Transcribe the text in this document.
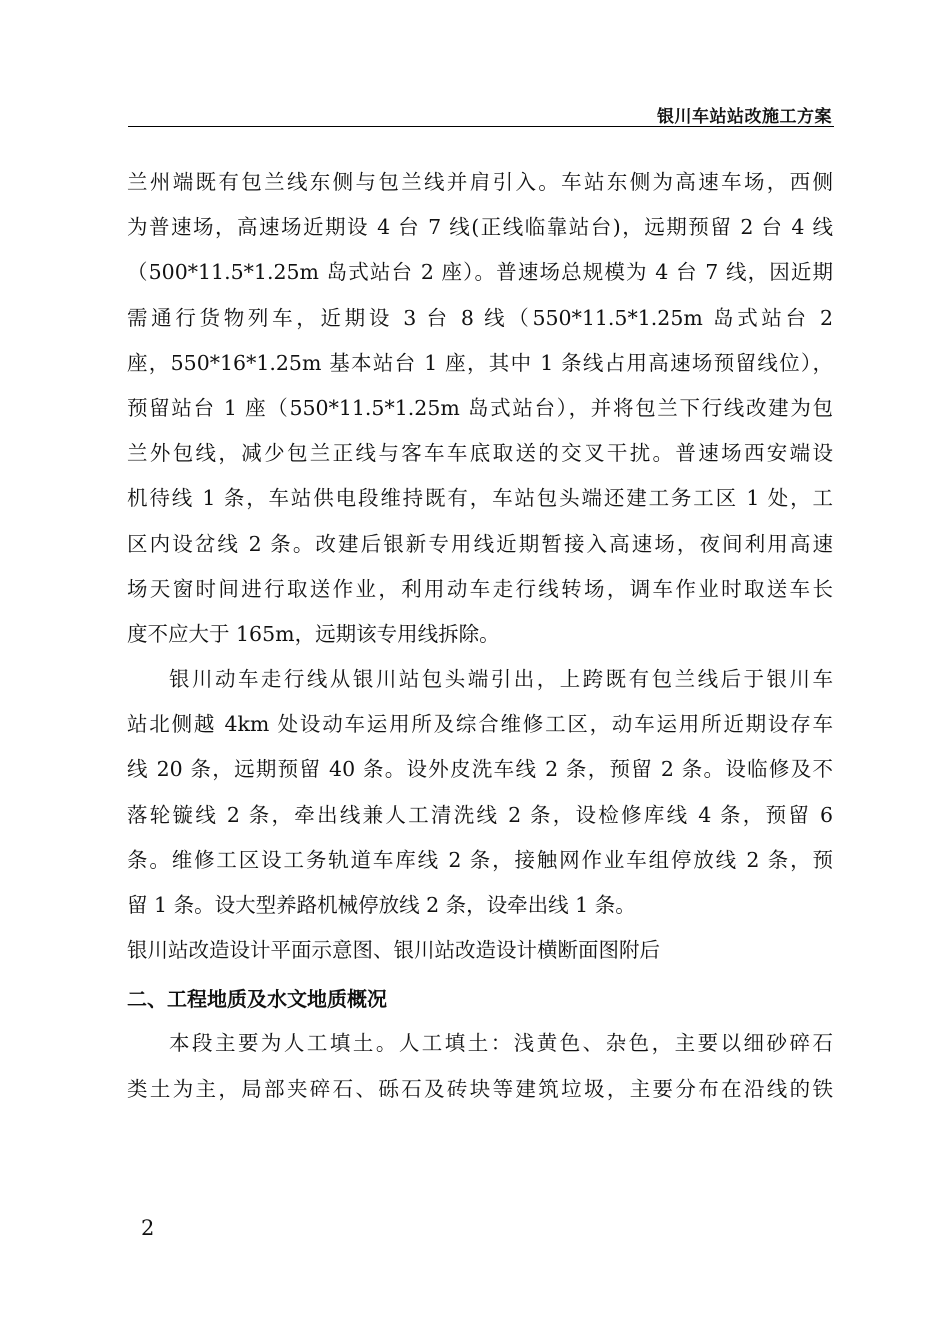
银川车站站改施工方案
兰州端既有包兰线东侧与包兰线并肩引入。车站东侧为高速车场，西侧
为普速场，高速场近期设 4 台 7 线(正线临靠站台)，远期预留 2 台 4 线
（500*11.5*1.25m 岛式站台 2 座）。普速场总规模为 4 台 7 线，因近期
需通行货物列车，近期设 3 台 8 线（550*11.5*1.25m 岛式站台 2
座，550*16*1.25m 基本站台 1 座，其中 1 条线占用高速场预留线位），
预留站台 1 座（550*11.5*1.25m 岛式站台），并将包兰下行线改建为包
兰外包线，减少包兰正线与客车车底取送的交叉干扰。普速场西安端设
机待线 1 条，车站供电段维持既有，车站包头端还建工务工区 1 处，工
区内设岔线 2 条。改建后银新专用线近期暂接入高速场，夜间利用高速
场天窗时间进行取送作业，利用动车走行线转场，调车作业时取送车长
度不应大于 165m，远期该专用线拆除。
银川动车走行线从银川站包头端引出，上跨既有包兰线后于银川车
站北侧越 4km 处设动车运用所及综合维修工区，动车运用所近期设存车
线 20 条，远期预留 40 条。设外皮洗车线 2 条，预留 2 条。设临修及不
落轮镟线 2 条，牵出线兼人工清洗线 2 条，设检修库线 4 条，预留 6
条。维修工区设工务轨道车库线 2 条，接触网作业车组停放线 2 条，预
留 1 条。设大型养路机械停放线 2 条，设牵出线 1 条。
银川站改造设计平面示意图、银川站改造设计横断面图附后
二、工程地质及水文地质概况
本段主要为人工填土。人工填土：浅黄色、杂色，主要以细砂碎石
类土为主，局部夹碎石、砾石及砖块等建筑垃圾，主要分布在沿线的铁
2
